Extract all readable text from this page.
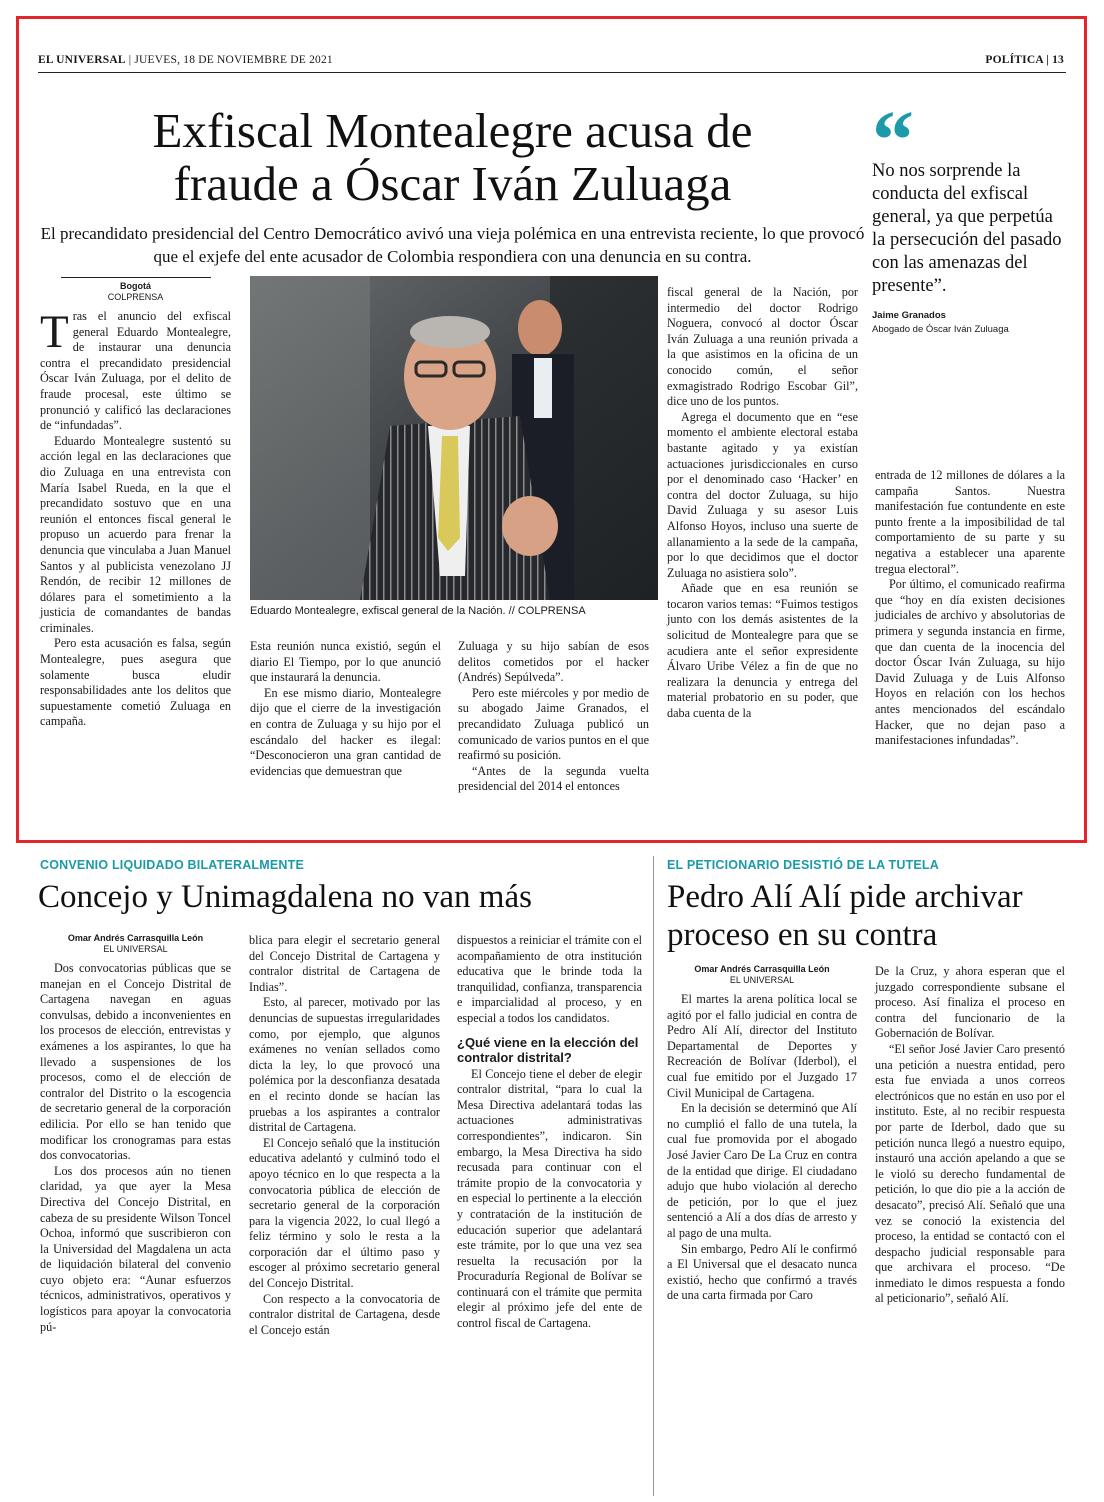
EL UNIVERSAL | JUEVES, 18 DE NOVIEMBRE DE 2021	POLÍTICA | 13
Exfiscal Montealegre acusa de
fraude a Óscar Iván Zuluaga
El precandidato presidencial del Centro Democrático avivó una vieja polémica en una entrevista reciente, lo que provocó que el exjefe del ente acusador de Colombia respondiera con una denuncia en su contra.
“
No nos sorprende la conducta del exfiscal general, ya que perpetúa la persecución del pasado con las amenazas del presente”.
Jaime Granados
Abogado de Óscar Iván Zuluaga
Bogotá
COLPRENSA

Tras el anuncio del exfiscal general Eduardo Montealegre, de instaurar una denuncia contra el precandidato presidencial Óscar Iván Zuluaga, por el delito de fraude procesal, este último se pronunció y calificó las declaraciones de “infundadas”.

Eduardo Montealegre sustentó su acción legal en las declaraciones que dio Zuluaga en una entrevista con María Isabel Rueda, en la que el precandidato sostuvo que en una reunión el entonces fiscal general le propuso un acuerdo para frenar la denuncia que vinculaba a Juan Manuel Santos y al publicista venezolano JJ Rendón, de recibir 12 millones de dólares para el sometimiento a la justicia de comandantes de bandas criminales.

Pero esta acusación es falsa, según Montealegre, pues asegura que solamente busca eludir responsabilidades ante los delitos que supuestamente cometió Zuluaga en campaña.

Eduardo Montealegre, exfiscal general de la Nación. // COLPRENSA

Esta reunión nunca existió, según el diario El Tiempo, por lo que anunció que instaurará la denuncia.

En ese mismo diario, Montealegre dijo que el cierre de la investigación en contra de Zuluaga y su hijo por el escándalo del hacker es ilegal: “Desconocieron una gran cantidad de evidencias que demuestran que

Zuluaga y su hijo sabían de esos delitos cometidos por el hacker (Andrés) Sepúlveda”.

Pero este miércoles y por medio de su abogado Jaime Granados, el precandidato Zuluaga publicó un comunicado de varios puntos en el que reafirmó su posición.

“Antes de la segunda vuelta presidencial del 2014 el entonces

fiscal general de la Nación, por intermedio del doctor Rodrigo Noguera, convocó al doctor Óscar Iván Zuluaga a una reunión privada a la que asistimos en la oficina de un conocido común, el señor exmagistrado Rodrigo Escobar Gil”, dice uno de los puntos.

Agrega el documento que en “ese momento el ambiente electoral estaba bastante agitado y ya existían actuaciones jurisdiccionales en curso por el denominado caso ‘Hacker’ en contra del doctor Zuluaga, su hijo David Zuluaga y su asesor Luis Alfonso Hoyos, incluso una suerte de allanamiento a la sede de la campaña, por lo que decidimos que el doctor Zuluaga no asistiera solo”.

Añade que en esa reunión se tocaron varios temas: “Fuimos testigos junto con los demás asistentes de la solicitud de Montealegre para que se acudiera ante el señor expresidente Álvaro Uribe Vélez a fin de que no realizara la denuncia y entrega del material probatorio en su poder, que daba cuenta de la

entrada de 12 millones de dólares a la campaña Santos. Nuestra manifestación fue contundente en este punto frente a la imposibilidad de tal comportamiento de su parte y su negativa a establecer una aparente tregua electoral”.

Por último, el comunicado reafirma que “hoy en día existen decisiones judiciales de archivo y absolutorias de primera y segunda instancia en firme, que dan cuenta de la inocencia del doctor Óscar Iván Zuluaga, su hijo David Zuluaga y de Luis Alfonso Hoyos en relación con los hechos antes mencionados del escándalo Hacker, que no dejan paso a manifestaciones infundadas”.

CONVENIO LIQUIDADO BILATERALMENTE
Concejo y Unimagdalena no van más
Omar Andrés Carrasquilla León
EL UNIVERSAL

Dos convocatorias públicas que se manejan en el Concejo Distrital de Cartagena navegan en aguas convulsas, debido a inconvenientes en los procesos de elección, entrevistas y exámenes a los aspirantes, lo que ha llevado a suspensiones de los procesos, como el de elección de contralor del Distrito o la escogencia de secretario general de la corporación edilicia. Por ello se han tenido que modificar los cronogramas para estas dos convocatorias.

Los dos procesos aún no tienen claridad, ya que ayer la Mesa Directiva del Concejo Distrital, en cabeza de su presidente Wilson Toncel Ochoa, informó que suscribieron con la Universidad del Magdalena un acta de liquidación bilateral del convenio cuyo objeto era: “Aunar esfuerzos técnicos, administrativos, operativos y logísticos para apoyar la convocatoria pú-

blica para elegir el secretario general del Concejo Distrital de Cartagena y contralor distrital de Cartagena de Indias”.

Esto, al parecer, motivado por las denuncias de supuestas irregularidades como, por ejemplo, que algunos exámenes no venían sellados como dicta la ley, lo que provocó una polémica por la desconfianza desatada en el recinto donde se hacían las pruebas a los aspirantes a contralor distrital de Cartagena.

El Concejo señaló que la institución educativa adelantó y culminó todo el apoyo técnico en lo que respecta a la convocatoria pública de elección de secretario general de la corporación para la vigencia 2022, lo cual llegó a feliz término y solo le resta a la corporación dar el último paso y escoger al próximo secretario general del Concejo Distrital.

Con respecto a la convocatoria de contralor distrital de Cartagena, desde el Concejo están

dispuestos a reiniciar el trámite con el acompañamiento de otra institución educativa que le brinde toda la tranquilidad, confianza, transparencia e imparcialidad al proceso, y en especial a todos los candidatos.

¿Qué viene en la elección del contralor distrital?

El Concejo tiene el deber de elegir contralor distrital, “para lo cual la Mesa Directiva adelantará todas las actuaciones administrativas correspondientes”, indicaron. Sin embargo, la Mesa Directiva ha sido recusada para continuar con el trámite propio de la convocatoria y en especial lo pertinente a la elección y contratación de la institución de educación superior que adelantará este trámite, por lo que una vez sea resuelta la recusación por la Procuraduría Regional de Bolívar se continuará con el trámite que permita elegir al próximo jefe del ente de control fiscal de Cartagena.

EL PETICIONARIO DESISTIÓ DE LA TUTELA
Pedro Alí Alí pide archivar
proceso en su contra
Omar Andrés Carrasquilla León
EL UNIVERSAL

El martes la arena política local se agitó por el fallo judicial en contra de Pedro Alí Alí, director del Instituto Departamental de Deportes y Recreación de Bolívar (Iderbol), el cual fue emitido por el Juzgado 17 Civil Municipal de Cartagena.

En la decisión se determinó que Alí no cumplió el fallo de una tutela, la cual fue promovida por el abogado José Javier Caro De La Cruz en contra de la entidad que dirige. El ciudadano adujo que hubo violación al derecho de petición, por lo que el juez sentenció a Alí a dos días de arresto y al pago de una multa.

Sin embargo, Pedro Alí le confirmó a El Universal que el desacato nunca existió, hecho que confirmó a través de una carta firmada por Caro

De la Cruz, y ahora esperan que el juzgado correspondiente subsane el proceso. Así finaliza el proceso en contra del funcionario de la Gobernación de Bolívar.

“El señor José Javier Caro presentó una petición a nuestra entidad, pero esta fue enviada a unos correos electrónicos que no están en uso por el instituto. Este, al no recibir respuesta por parte de Iderbol, dado que su petición nunca llegó a nuestro equipo, instauró una acción apelando a que se le violó su derecho fundamental de petición, lo que dio pie a la acción de desacato”, precisó Alí. Señaló que una vez se conoció la existencia del proceso, la entidad se contactó con el despacho judicial responsable para que archivara el proceso. “De inmediato le dimos respuesta a fondo al peticionario”, señaló Alí.
